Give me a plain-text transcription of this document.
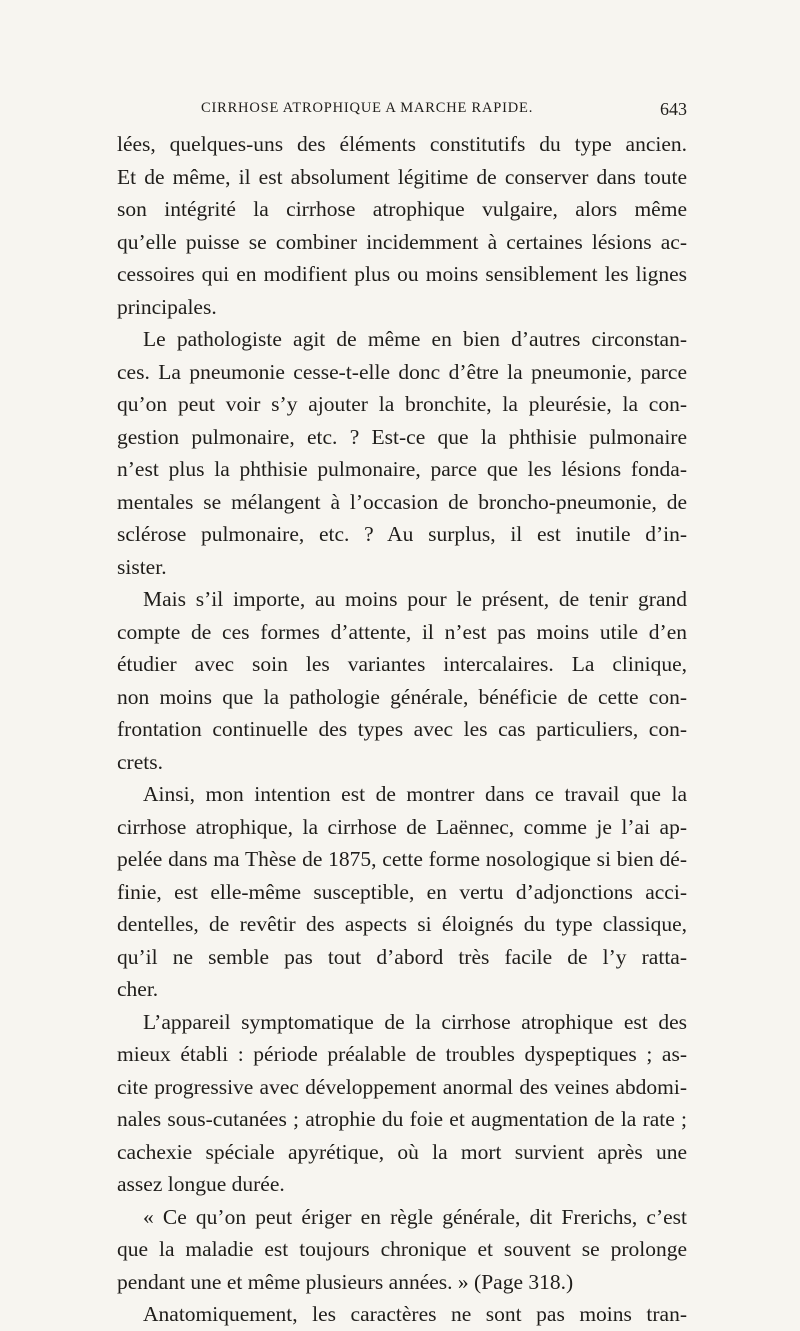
CIRRHOSE ATROPHIQUE A MARCHE RAPIDE.	643
lées, quelques-uns des éléments constitutifs du type ancien.
Et de même, il est absolument légitime de conserver dans toute
son intégrité la cirrhose atrophique vulgaire, alors même
qu’elle puisse se combiner incidemment à certaines lésions ac-
cessoires qui en modifient plus ou moins sensiblement les lignes
principales.
Le pathologiste agit de même en bien d’autres circonstan-
ces. La pneumonie cesse-t-elle donc d’être la pneumonie, parce
qu’on peut voir s’y ajouter la bronchite, la pleurésie, la con-
gestion pulmonaire, etc. ? Est-ce que la phthisie pulmonaire
n’est plus la phthisie pulmonaire, parce que les lésions fonda-
mentales se mélangent à l’occasion de broncho-pneumonie, de
sclérose pulmonaire, etc. ? Au surplus, il est inutile d’in-
sister.
Mais s’il importe, au moins pour le présent, de tenir grand
compte de ces formes d’attente, il n’est pas moins utile d’en
étudier avec soin les variantes intercalaires. La clinique,
non moins que la pathologie générale, bénéficie de cette con-
frontation continuelle des types avec les cas particuliers, con-
crets.
Ainsi, mon intention est de montrer dans ce travail que la
cirrhose atrophique, la cirrhose de Laënnec, comme je l’ai ap-
pelée dans ma Thèse de 1875, cette forme nosologique si bien dé-
finie, est elle-même susceptible, en vertu d’adjonctions acci-
dentelles, de revêtir des aspects si éloignés du type classique,
qu’il ne semble pas tout d’abord très facile de l’y ratta-
cher.
L’appareil symptomatique de la cirrhose atrophique est des
mieux établi : période préalable de troubles dyspeptiques ; as-
cite progressive avec développement anormal des veines abdomi-
nales sous-cutanées ; atrophie du foie et augmentation de la rate ;
cachexie spéciale apyrétique, où la mort survient après une
assez longue durée.
« Ce qu’on peut ériger en règle générale, dit Frerichs, c’est
que la maladie est toujours chronique et souvent se prolonge
pendant une et même plusieurs années. » (Page 318.)
Anatomiquement, les caractères ne sont pas moins tran-
